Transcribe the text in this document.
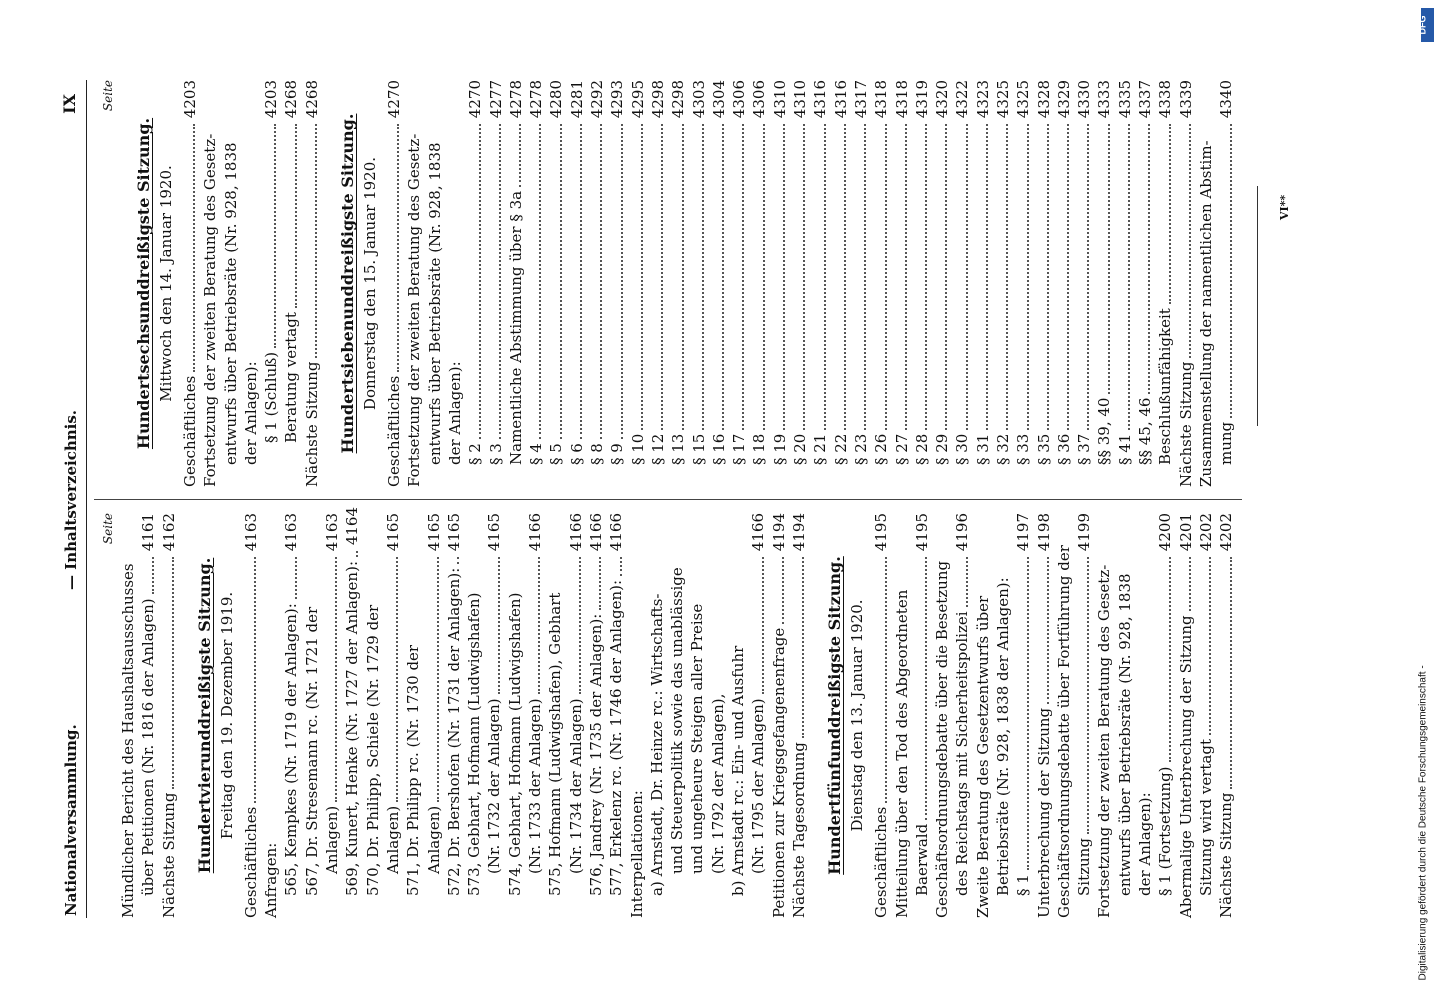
Nationalversammlung.
— Inhaltsverzeichnis.
IX
Seite
Mündlicher Bericht des Haushaltsausschusses über Petitionen (Nr. 1816 der Anlagen)
4161
Nächste Sitzung
4162
Hundertvierunddreißigste Sitzung. Freitag den 19. Dezember 1919.
Geschäftliches
4163
Anfragen: 565, Kempkes (Nr. 1719 der Anlagen):
4163
567, Dr. Stresemann rc. (Nr. 1721 der Anlagen)
4163
569, Kunert, Henke (Nr. 1727 der Anlagen):
4164
570, Dr. Philipp, Schiele (Nr. 1729 der Anlagen)
4165
571, Dr. Philipp rc. (Nr. 1730 der Anlagen)
4165
572, Dr. Bershofen (Nr. 1731 der Anlagen):
4165
573, Gebhart, Hofmann (Ludwigshafen) (Nr. 1732 der Anlagen)
4165
574, Gebhart, Hofmann (Ludwigshafen) (Nr. 1733 der Anlagen)
4166
575, Hofmann (Ludwigshafen), Gebhart (Nr. 1734 der Anlagen)
4166
576, Jandrey (Nr. 1735 der Anlagen):
4166
577, Erkelenz rc. (Nr. 1746 der Anlagen):
4166
Interpellationen: a) Arnstadt, Dr. Heinze rc.: Wirtschafts- und Steuerpolitik sowie das unablässige und ungeheure Steigen aller Preise (Nr. 1792 der Anlagen), b) Arnstadt rc.: Ein- und Ausfuhr (Nr. 1795 der Anlagen)
4166
Petitionen zur Kriegsgefangenenfrage
4194
Nächste Tagesordnung
4194
Hundertfünfunddreißigste Sitzung. Dienstag den 13. Januar 1920.
Geschäftliches
4195
Mitteilung über den Tod des Abgeordneten Baerwald
4195
Geschäftsordnungsdebatte über die Besetzung des Reichstags mit Sicherheitspolizei
4196
Zweite Beratung des Gesetzentwurfs über Betriebsräte (Nr. 928, 1838 der Anlagen): § 1
4197
Unterbrechung der Sitzung
4198
Geschäftsordnungsdebatte über Fortführung der Sitzung
4199
Fortsetzung der zweiten Beratung des Gesetz- entwurfs über Betriebsräte (Nr. 928, 1838 der Anlagen): § 1 (Fortsetzung)
4200
Abermalige Unterbrechung der Sitzung
4201
Sitzung wird vertagt
4202
Nächste Sitzung
4202
Seite
Hundertsechsunddreißigste Sitzung. Mittwoch den 14. Januar 1920.
Geschäftliches
4203
Fortsetzung der zweiten Beratung des Gesetz- entwurfs über Betriebsräte (Nr. 928, 1838 der Anlagen): § 1 (Schluß)
4203
Beratung vertagt
4268
Nächste Sitzung
4268
Hundertsiebenunddreißigste Sitzung. Donnerstag den 15. Januar 1920.
Geschäftliches
4270
Fortsetzung der zweiten Beratung des Gesetz- entwurfs über Betriebsräte (Nr. 928, 1838 der Anlagen): § 2
4270
§ 3
4277
Namentliche Abstimmung über § 3a
4278
§ 4
4278
§ 5
4280
§ 6
4281
§ 8
4292
§ 9
4293
§ 10
4295
§ 12
4298
§ 13
4298
§ 15
4303
§ 16
4304
§ 17
4306
§ 18
4306
§ 19
4310
§ 20
4310
§ 21
4316
§ 22
4316
§ 23
4317
§ 26
4318
§ 27
4318
§ 28
4319
§ 29
4320
§ 30
4322
§ 31
4323
§ 32
4325
§ 33
4325
§ 35
4328
§ 36
4329
§ 37
4330
§§ 39, 40
4333
§ 41
4335
§§ 45, 46
4337
Beschlußunfähigkeit
4338
Nächste Sitzung
4339
Zusammenstellung der namentlichen Abstim- mung
4340
VI**
Digitalisierung gefördert durch die Deutsche Forschungsgemeinschaft -
DFG
